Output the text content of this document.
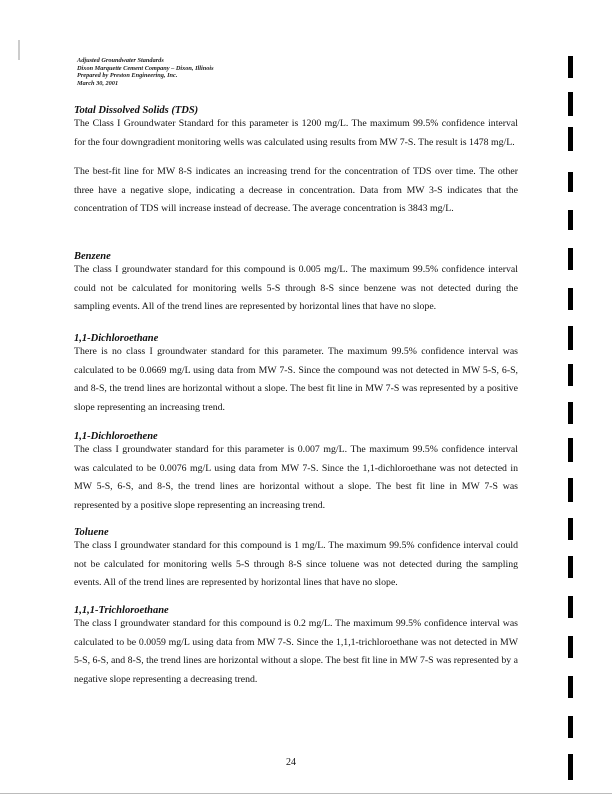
Adjusted Groundwater Standards
Dixon Marquette Cement Company – Dixon, Illinois
Prepared by Preston Engineering, Inc.
March 30, 2001
Total Dissolved Solids (TDS)

The Class I Groundwater Standard for this parameter is 1200 mg/L. The maximum 99.5% confidence interval for the four downgradient monitoring wells was calculated using results from MW 7-S. The result is 1478 mg/L.

The best-fit line for MW 8-S indicates an increasing trend for the concentration of TDS over time. The other three have a negative slope, indicating a decrease in concentration. Data from MW 3-S indicates that the concentration of TDS will increase instead of decrease. The average concentration is 3843 mg/L.

Benzene

The class I groundwater standard for this compound is 0.005 mg/L. The maximum 99.5% confidence interval could not be calculated for monitoring wells 5-S through 8-S since benzene was not detected during the sampling events. All of the trend lines are represented by horizontal lines that have no slope.

1,1-Dichloroethane

There is no class I groundwater standard for this parameter. The maximum 99.5% confidence interval was calculated to be 0.0669 mg/L using data from MW 7-S. Since the compound was not detected in MW 5-S, 6-S, and 8-S, the trend lines are horizontal without a slope. The best fit line in MW 7-S was represented by a positive slope representing an increasing trend.

1,1-Dichloroethene

The class I groundwater standard for this parameter is 0.007 mg/L. The maximum 99.5% confidence interval was calculated to be 0.0076 mg/L using data from MW 7-S. Since the 1,1-dichloroethane was not detected in MW 5-S, 6-S, and 8-S, the trend lines are horizontal without a slope. The best fit line in MW 7-S was represented by a positive slope representing an increasing trend.

Toluene

The class I groundwater standard for this compound is 1 mg/L. The maximum 99.5% confidence interval could not be calculated for monitoring wells 5-S through 8-S since toluene was not detected during the sampling events. All of the trend lines are represented by horizontal lines that have no slope.

1,1,1-Trichloroethane

The class I groundwater standard for this compound is 0.2 mg/L. The maximum 99.5% confidence interval was calculated to be 0.0059 mg/L using data from MW 7-S. Since the 1,1,1-trichloroethane was not detected in MW 5-S, 6-S, and 8-S, the trend lines are horizontal without a slope. The best fit line in MW 7-S was represented by a negative slope representing a decreasing trend.

24
